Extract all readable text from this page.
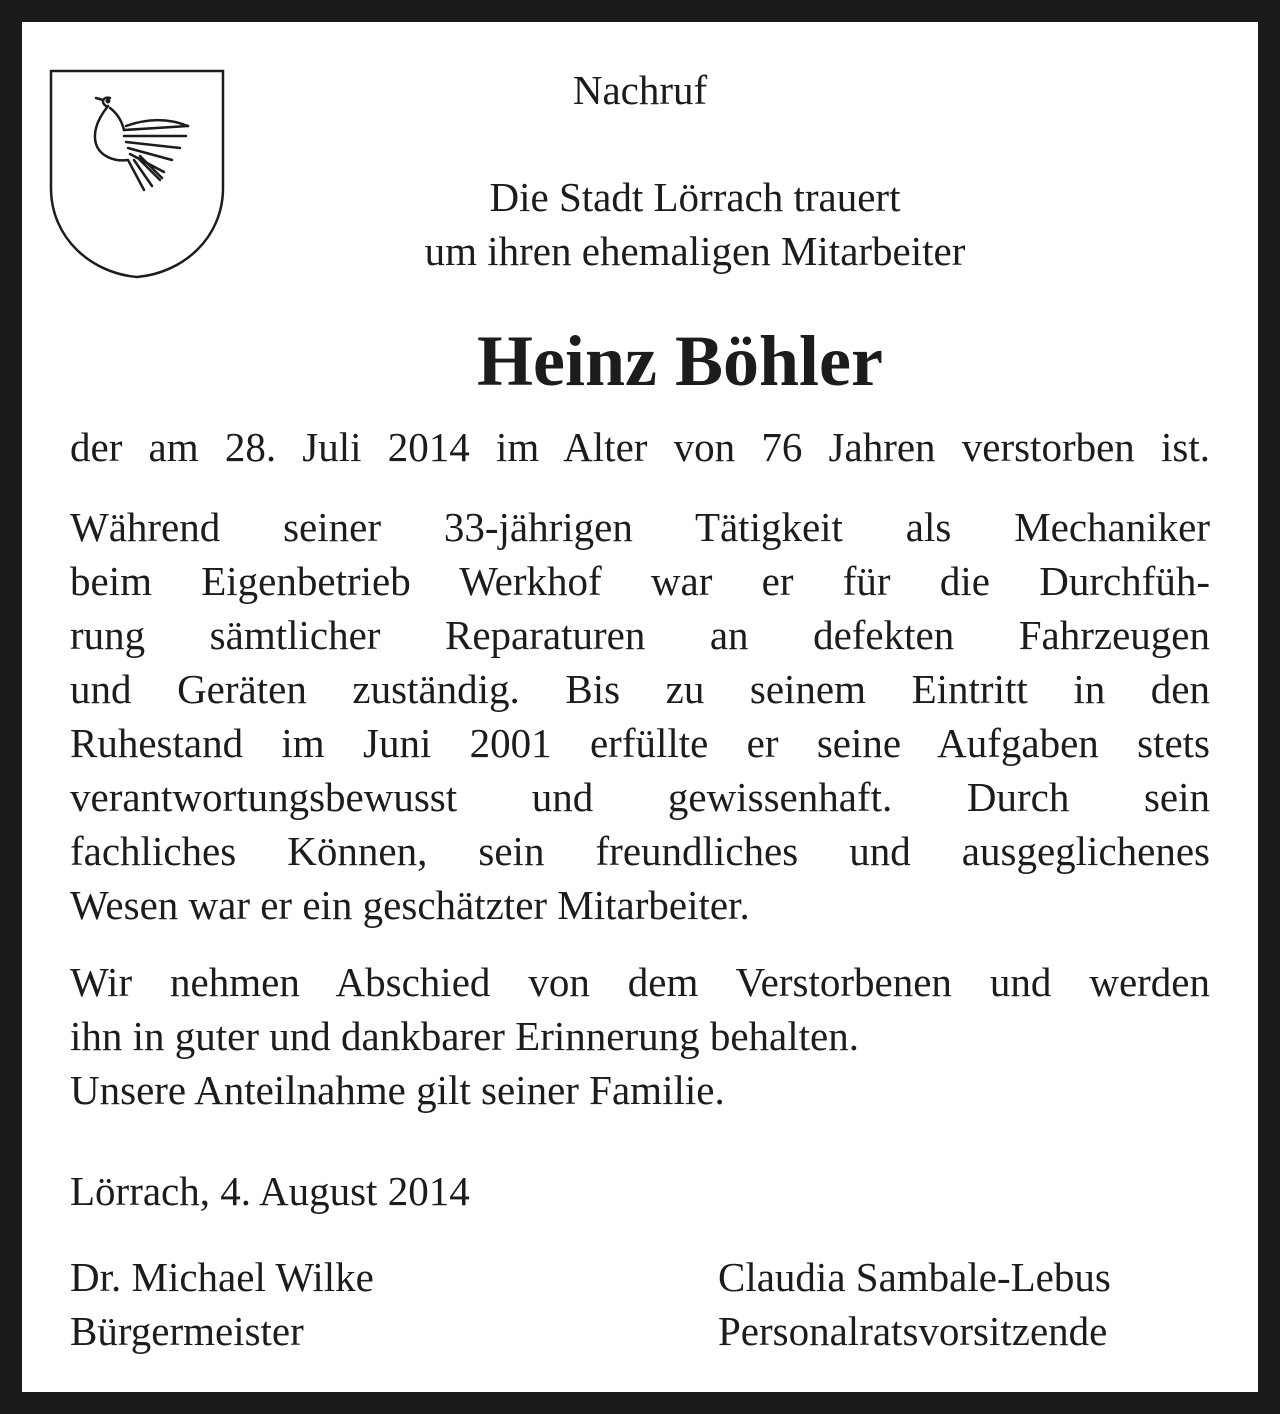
Nachruf
Die Stadt Lörrach trauert
um ihren ehemaligen Mitarbeiter
Heinz Böhler
der am 28. Juli 2014 im Alter von 76 Jahren verstorben ist.
Während seiner 33-jährigen Tätigkeit als Mechaniker
beim Eigenbetrieb Werkhof war er für die Durchfüh-
rung sämtlicher Reparaturen an defekten Fahrzeugen
und Geräten zuständig. Bis zu seinem Eintritt in den
Ruhestand im Juni 2001 erfüllte er seine Aufgaben stets
verantwortungsbewusst und gewissenhaft. Durch sein
fachliches Können, sein freundliches und ausgeglichenes
Wesen war er ein geschätzter Mitarbeiter.
Wir nehmen Abschied von dem Verstorbenen und werden
ihn in guter und dankbarer Erinnerung behalten.
Unsere Anteilnahme gilt seiner Familie.
Lörrach, 4. August 2014
Dr. Michael Wilke
Bürgermeister
Claudia Sambale-Lebus
Personalratsvorsitzende
